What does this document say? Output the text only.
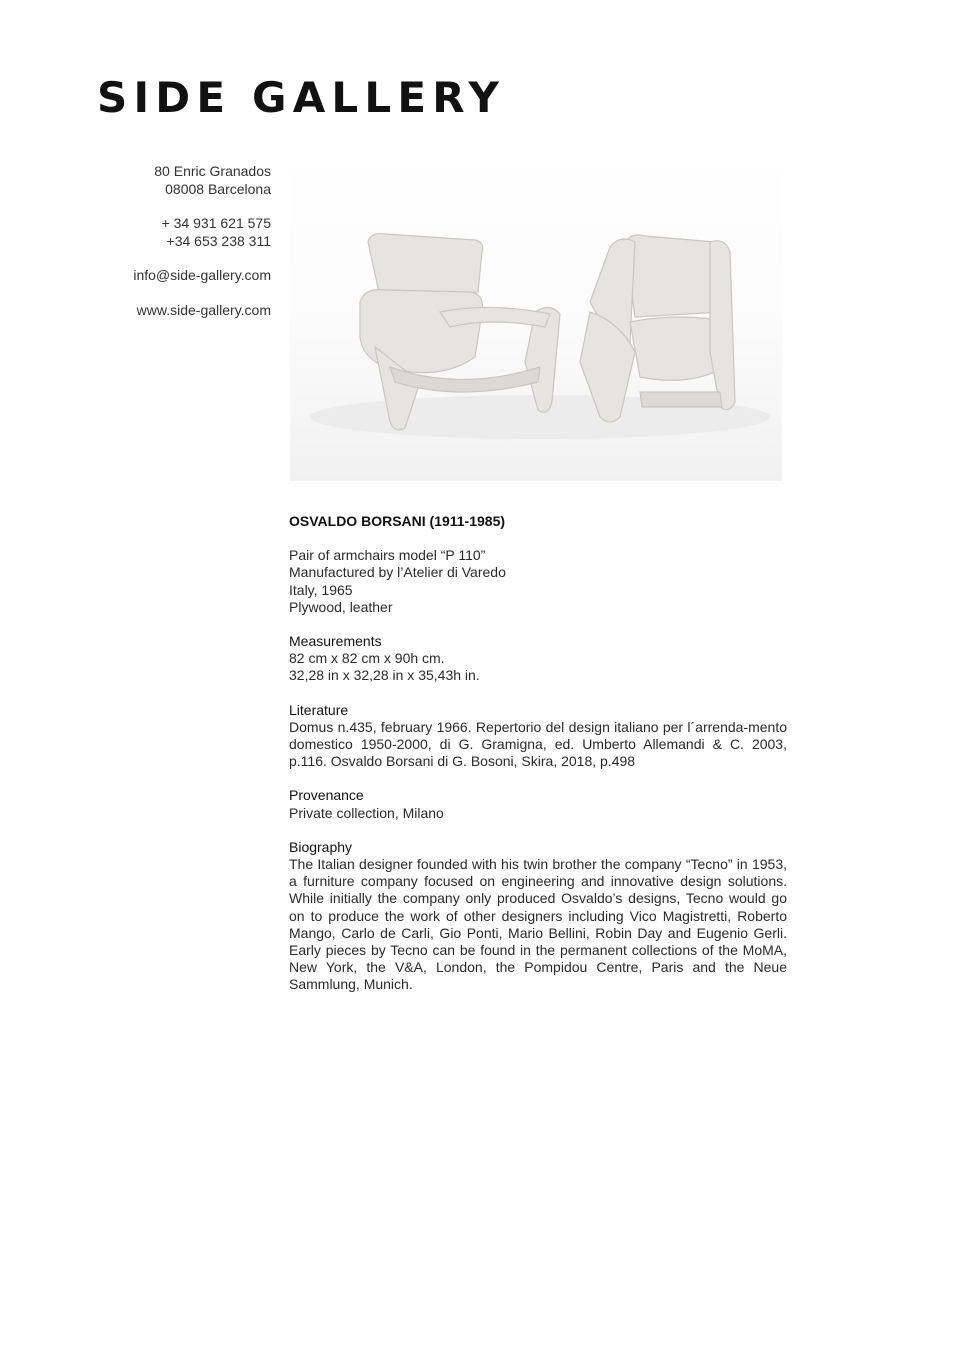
SIDE GALLERY
80 Enric Granados
08008 Barcelona
+ 34 931 621 575
+34 653 238 311
info@side-gallery.com
www.side-gallery.com
OSVALDO BORSANI (1911-1985)
Pair of armchairs model “P 110”
Manufactured by l’Atelier di Varedo
Italy, 1965
Plywood, leather
Measurements
82 cm x 82 cm x 90h cm.
32,28 in x 32,28 in x 35,43h in.
Literature
Domus n.435, february 1966. Repertorio del design italiano per l´arrenda-mento domestico 1950-2000, di G. Gramigna, ed. Umberto Allemandi & C. 2003, p.116. Osvaldo Borsani di G. Bosoni, Skira, 2018, p.498
Provenance
Private collection, Milano
Biography
The Italian designer founded with his twin brother the company “Tecno” in 1953, a furniture company focused on engineering and innovative design solutions. While initially the company only produced Osvaldo’s designs, Tecno would go on to produce the work of other designers including Vico Magistretti, Roberto Mango, Carlo de Carli, Gio Ponti, Mario Bellini, Robin Day and Eugenio Gerli. Early pieces by Tecno can be found in the permanent collections of the MoMA, New York, the V&A, London, the Pompidou Centre, Paris and the Neue Sammlung, Munich.
